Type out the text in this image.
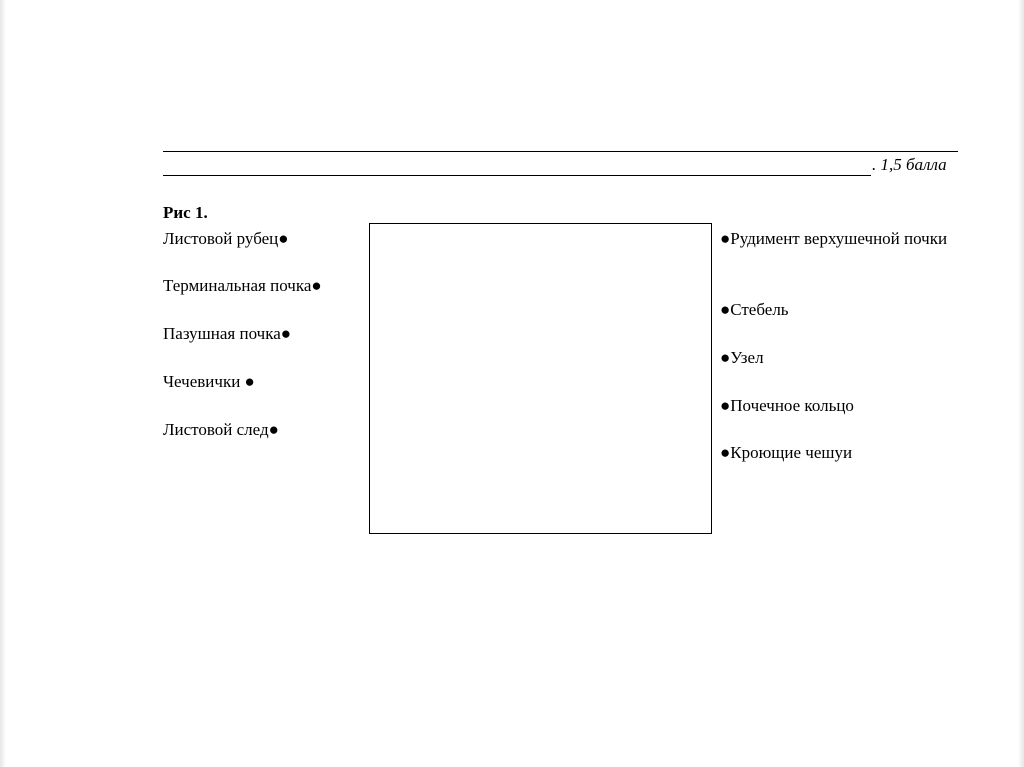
. 1,5 балла
Рис 1.
Листовой рубец●
Терминальная почка●
Пазушная почка●
Чечевички ●
Листовой след●
●Рудимент верхушечной почки
●Стебель
●Узел
●Почечное кольцо
●Кроющие чешуи
